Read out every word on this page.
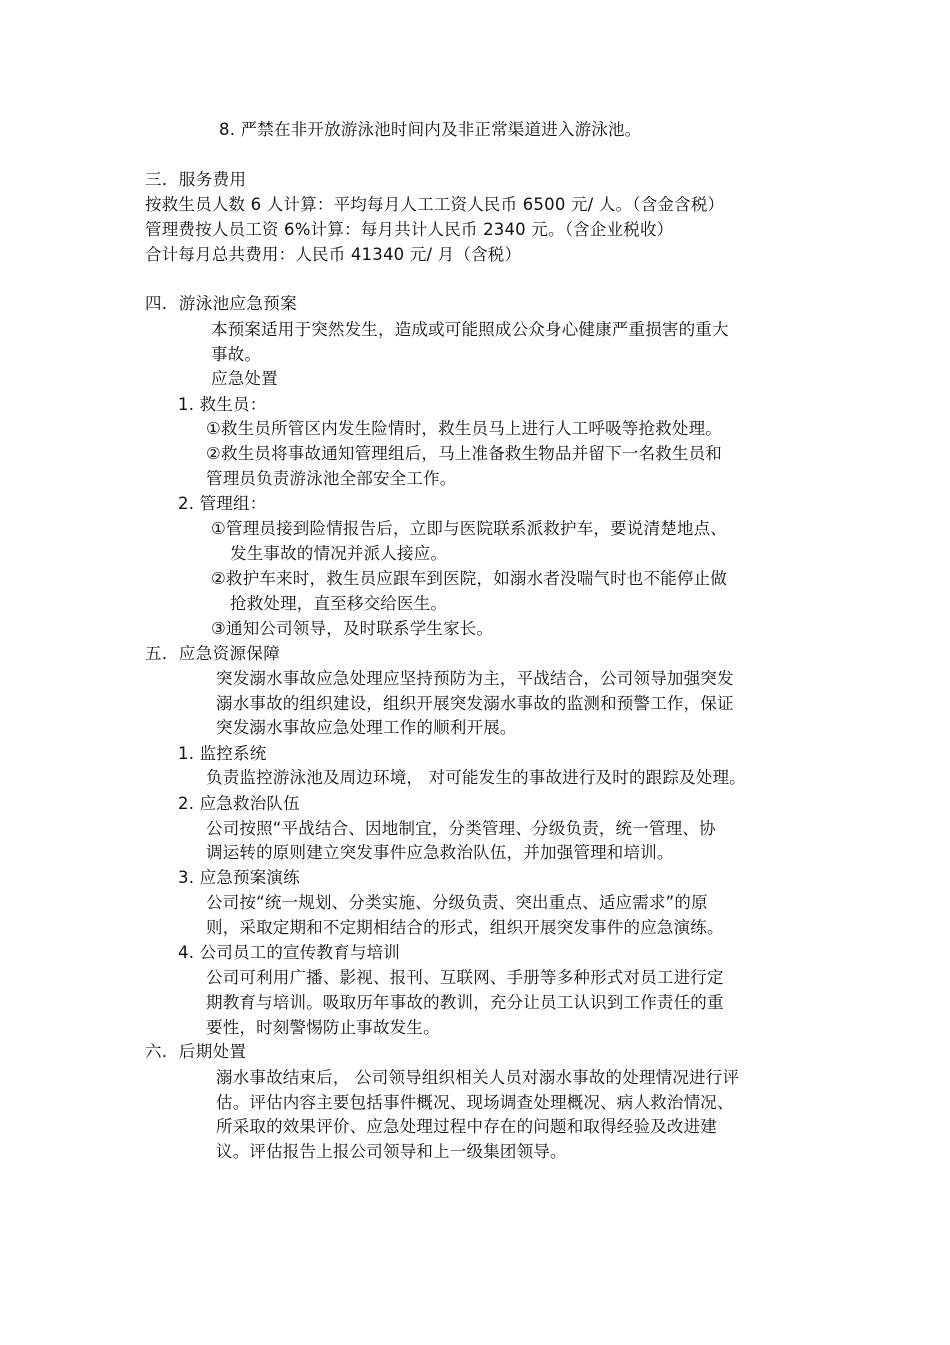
8. 严禁在非开放游泳池时间内及非正常渠道进入游泳池。

三．服务费用

按救生员人数 6 人计算：平均每月人工工资人民币 6500 元/ 人。（含金含税）

管理费按人员工资 6%计算：每月共计人民币 2340 元。（含企业税收）

合计每月总共费用：人民币 41340 元/ 月（含税）

四．游泳池应急预案

本预案适用于突然发生，造成或可能照成公众身心健康严重损害的重大

事故。

应急处置

1. 救生员：

①救生员所管区内发生险情时，救生员马上进行人工呼吸等抢救处理。

②救生员将事故通知管理组后，马上准备救生物品并留下一名救生员和

管理员负责游泳池全部安全工作。

2. 管理组：

①管理员接到险情报告后，立即与医院联系派救护车，要说清楚地点、

发生事故的情况并派人接应。

②救护车来时，救生员应跟车到医院，如溺水者没喘气时也不能停止做

抢救处理，直至移交给医生。

③通知公司领导，及时联系学生家长。

五．应急资源保障

突发溺水事故应急处理应坚持预防为主，平战结合，公司领导加强突发

溺水事故的组织建设，组织开展突发溺水事故的监测和预警工作，保证

突发溺水事故应急处理工作的顺利开展。

1. 监控系统

负责监控游泳池及周边环境， 对可能发生的事故进行及时的跟踪及处理。

2. 应急救治队伍

公司按照“平战结合、因地制宜，分类管理、分级负责，统一管理、协

调运转的原则建立突发事件应急救治队伍，并加强管理和培训。

3. 应急预案演练

公司按“统一规划、分类实施、分级负责、突出重点、适应需求”的原

则，采取定期和不定期相结合的形式，组织开展突发事件的应急演练。

4. 公司员工的宣传教育与培训

公司可利用广播、影视、报刊、互联网、手册等多种形式对员工进行定

期教育与培训。吸取历年事故的教训，充分让员工认识到工作责任的重

要性，时刻警惕防止事故发生。

六．后期处置

溺水事故结束后， 公司领导组织相关人员对溺水事故的处理情况进行评

估。评估内容主要包括事件概况、现场调查处理概况、病人救治情况、

所采取的效果评价、应急处理过程中存在的问题和取得经验及改进建

议。评估报告上报公司领导和上一级集团领导。
